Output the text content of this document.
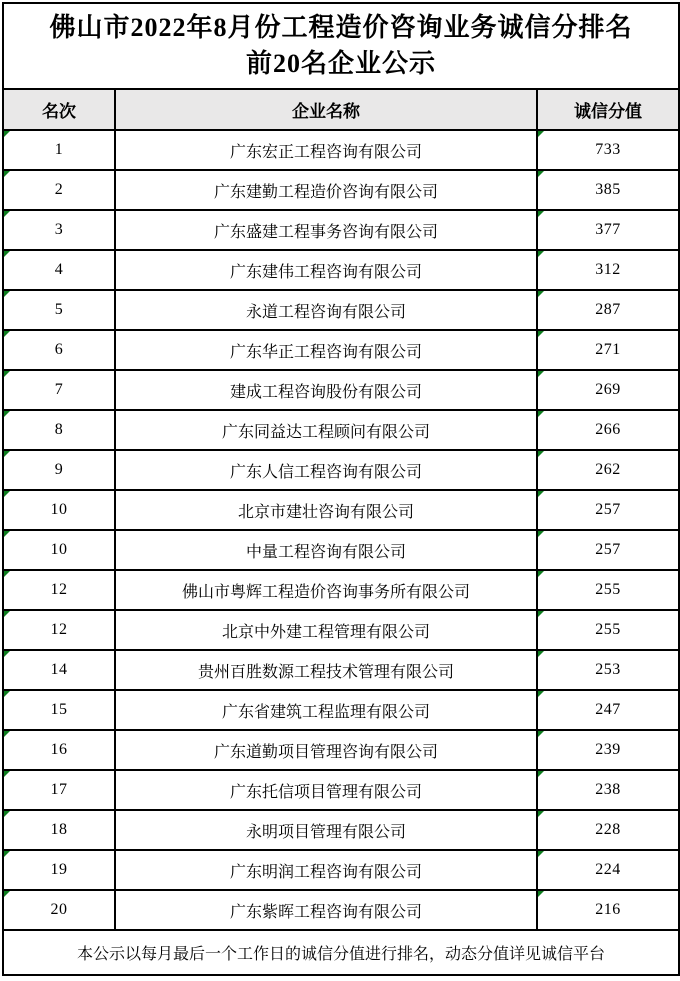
佛山市2022年8月份工程造价咨询业务诚信分排名
前20名企业公示		

名次	企业名称	诚信分值

1	广东宏正工程咨询有限公司	733

2	广东建勤工程造价咨询有限公司	385

3	广东盛建工程事务咨询有限公司	377

4	广东建伟工程咨询有限公司	312

5	永道工程咨询有限公司	287

6	广东华正工程咨询有限公司	271

7	建成工程咨询股份有限公司	269

8	广东同益达工程顾问有限公司	266

9	广东人信工程咨询有限公司	262

10	北京市建壮咨询有限公司	257

10	中量工程咨询有限公司	257

12	佛山市粤辉工程造价咨询事务所有限公司	255

12	北京中外建工程管理有限公司	255

14	贵州百胜数源工程技术管理有限公司	253

15	广东省建筑工程监理有限公司	247

16	广东道勤项目管理咨询有限公司	239

17	广东托信项目管理有限公司	238

18	永明项目管理有限公司	228

19	广东明润工程咨询有限公司	224

20	广东紫晖工程咨询有限公司	216
本公示以每月最后一个工作日的诚信分值进行排名，动态分值详见诚信平台		
